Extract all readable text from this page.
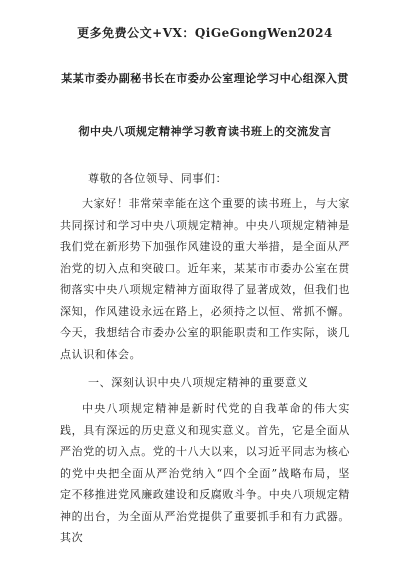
更多免费公文+VX：QiGeGongWen2024
某某市委办副秘书长在市委办公室理论学习中心组深入贯
彻中央八项规定精神学习教育读书班上的交流发言
尊敬的各位领导、同事们：

大家好！非常荣幸能在这个重要的读书班上，与大家共同探讨和学习中央八项规定精神。中央八项规定精神是我们党在新形势下加强作风建设的重大举措，是全面从严治党的切入点和突破口。近年来，某某市市委办公室在贯彻落实中央八项规定精神方面取得了显著成效，但我们也深知，作风建设永远在路上，必须持之以恒、常抓不懈。今天，我想结合市委办公室的职能职责和工作实际，谈几点认识和体会。

一、深刻认识中央八项规定精神的重要意义

中央八项规定精神是新时代党的自我革命的伟大实践，具有深远的历史意义和现实意义。首先，它是全面从严治党的切入点。党的十八大以来，以习近平同志为核心的党中央把全面从严治党纳入“四个全面”战略布局，坚定不移推进党风廉政建设和反腐败斗争。中央八项规定精神的出台，为全面从严治党提供了重要抓手和有力武器。其次
